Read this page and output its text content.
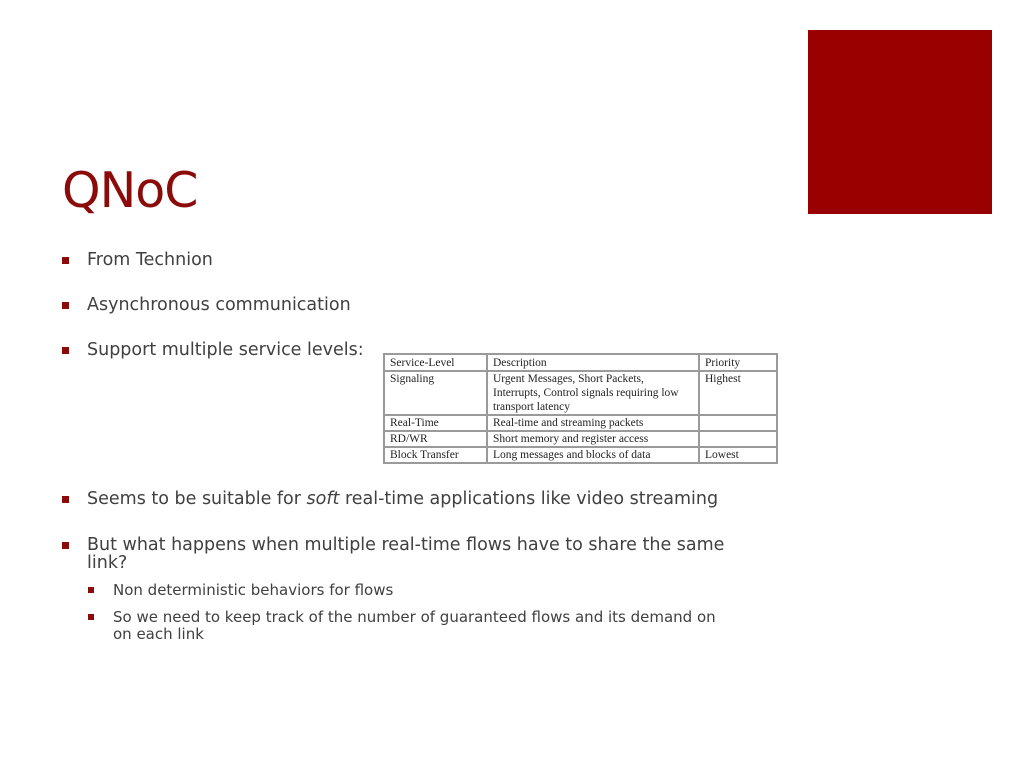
QNoC
From Technion
Asynchronous communication
Support multiple service levels:
Seems to be suitable for soft real-time applications like video streaming
But what happens when multiple real-time flows have to share the same link?
Non deterministic behaviors for flows
So we need to keep track of the number of guaranteed flows and its demand on on each link
Service-Level	Description	Priority
Signaling	Urgent Messages, Short Packets, Interrupts, Control signals requiring low transport latency	Highest
Real-Time	Real-time and streaming packets	
RD/WR	Short memory and register access	
Block Transfer	Long messages and blocks of data	Lowest
